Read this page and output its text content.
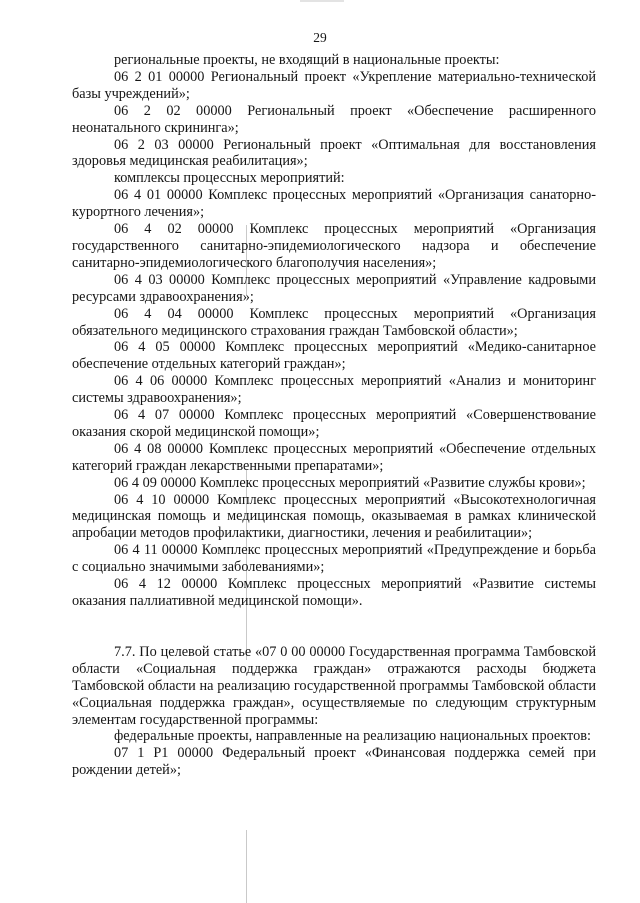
29

региональные проекты, не входящий в национальные проекты:

06 2 01 00000 Региональный проект «Укрепление материально-технической базы учреждений»;

06 2 02 00000 Региональный проект «Обеспечение расширенного неонатального скрининга»;

06 2 03 00000 Региональный проект «Оптимальная для восстановления здоровья медицинская реабилитация»;

комплексы процессных мероприятий:

06 4 01 00000 Комплекс процессных мероприятий «Организация санаторно-курортного лечения»;

06 4 02 00000 Комплекс процессных мероприятий «Организация государственного санитарно-эпидемиологического надзора и обеспечение санитарно-эпидемиологического благополучия населения»;

06 4 03 00000 Комплекс процессных мероприятий «Управление кадровыми ресурсами здравоохранения»;

06 4 04 00000 Комплекс процессных мероприятий «Организация обязательного медицинского страхования граждан Тамбовской области»;

06 4 05 00000 Комплекс процессных мероприятий «Медико-санитарное обеспечение отдельных категорий граждан»;

06 4 06 00000 Комплекс процессных мероприятий «Анализ и мониторинг системы здравоохранения»;

06 4 07 00000 Комплекс процессных мероприятий «Совершенствование оказания скорой медицинской помощи»;

06 4 08 00000 Комплекс процессных мероприятий «Обеспечение отдельных категорий граждан лекарственными препаратами»;

06 4 09 00000 Комплекс процессных мероприятий «Развитие службы крови»;

06 4 10 00000 Комплекс процессных мероприятий «Высокотехнологичная медицинская помощь и медицинская помощь, оказываемая в рамках клинической апробации методов профилактики, диагностики, лечения и реабилитации»;

06 4 11 00000 Комплекс процессных мероприятий «Предупреждение и борьба с социально значимыми заболеваниями»;

06 4 12 00000 Комплекс процессных мероприятий «Развитие системы оказания паллиативной медицинской помощи».

7.7. По целевой статье «07 0 00 00000 Государственная программа Тамбовской области «Социальная поддержка граждан» отражаются расходы бюджета Тамбовской области на реализацию государственной программы Тамбовской области «Социальная поддержка граждан», осуществляемые по следующим структурным элементам государственной программы:

федеральные проекты, направленные на реализацию национальных проектов:

07 1 Р1 00000 Федеральный проект «Финансовая поддержка семей при рождении детей»;
